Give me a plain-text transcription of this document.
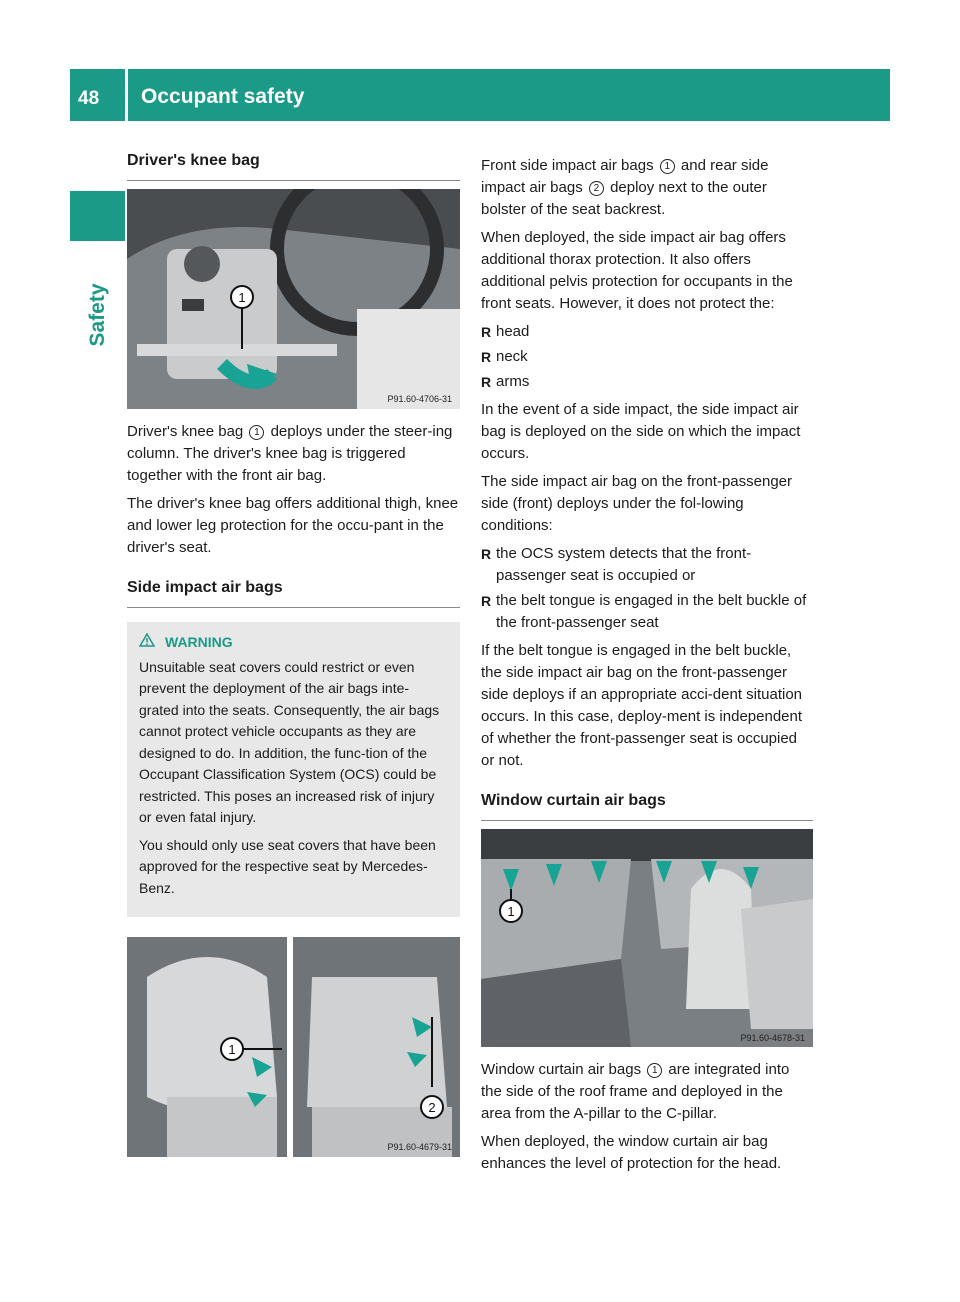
48 Occupant safety
Safety
Driver's knee bag
1
P91.60-4706-31

Driver's knee bag 1 deploys under the steer-ing column. The driver's knee bag is triggered together with the front air bag.

The driver's knee bag offers additional thigh, knee and lower leg protection for the occu-pant in the driver's seat.

Side impact air bags
WARNING

Unsuitable seat covers could restrict or even prevent the deployment of the air bags inte-grated into the seats. Consequently, the air bags cannot protect vehicle occupants as they are designed to do. In addition, the func-tion of the Occupant Classification System (OCS) could be restricted. This poses an increased risk of injury or even fatal injury.

You should only use seat covers that have been approved for the respective seat by Mercedes-Benz.

1
2
P91.60-4679-31

Front side impact air bags 1 and rear side impact air bags 2 deploy next to the outer bolster of the seat backrest.

When deployed, the side impact air bag offers additional thorax protection. It also offers additional pelvis protection for occupants in the front seats. However, it does not protect the:

R head
R neck
R arms

In the event of a side impact, the side impact air bag is deployed on the side on which the impact occurs.

The side impact air bag on the front-passenger side (front) deploys under the fol-lowing conditions:

R the OCS system detects that the front-passenger seat is occupied or
R the belt tongue is engaged in the belt buckle of the front-passenger seat

If the belt tongue is engaged in the belt buckle, the side impact air bag on the front-passenger side deploys if an appropriate acci-dent situation occurs. In this case, deploy-ment is independent of whether the front-passenger seat is occupied or not.

Window curtain air bags
1
P91.60-4678-31

Window curtain air bags 1 are integrated into the side of the roof frame and deployed in the area from the A-pillar to the C-pillar.

When deployed, the window curtain air bag enhances the level of protection for the head.
